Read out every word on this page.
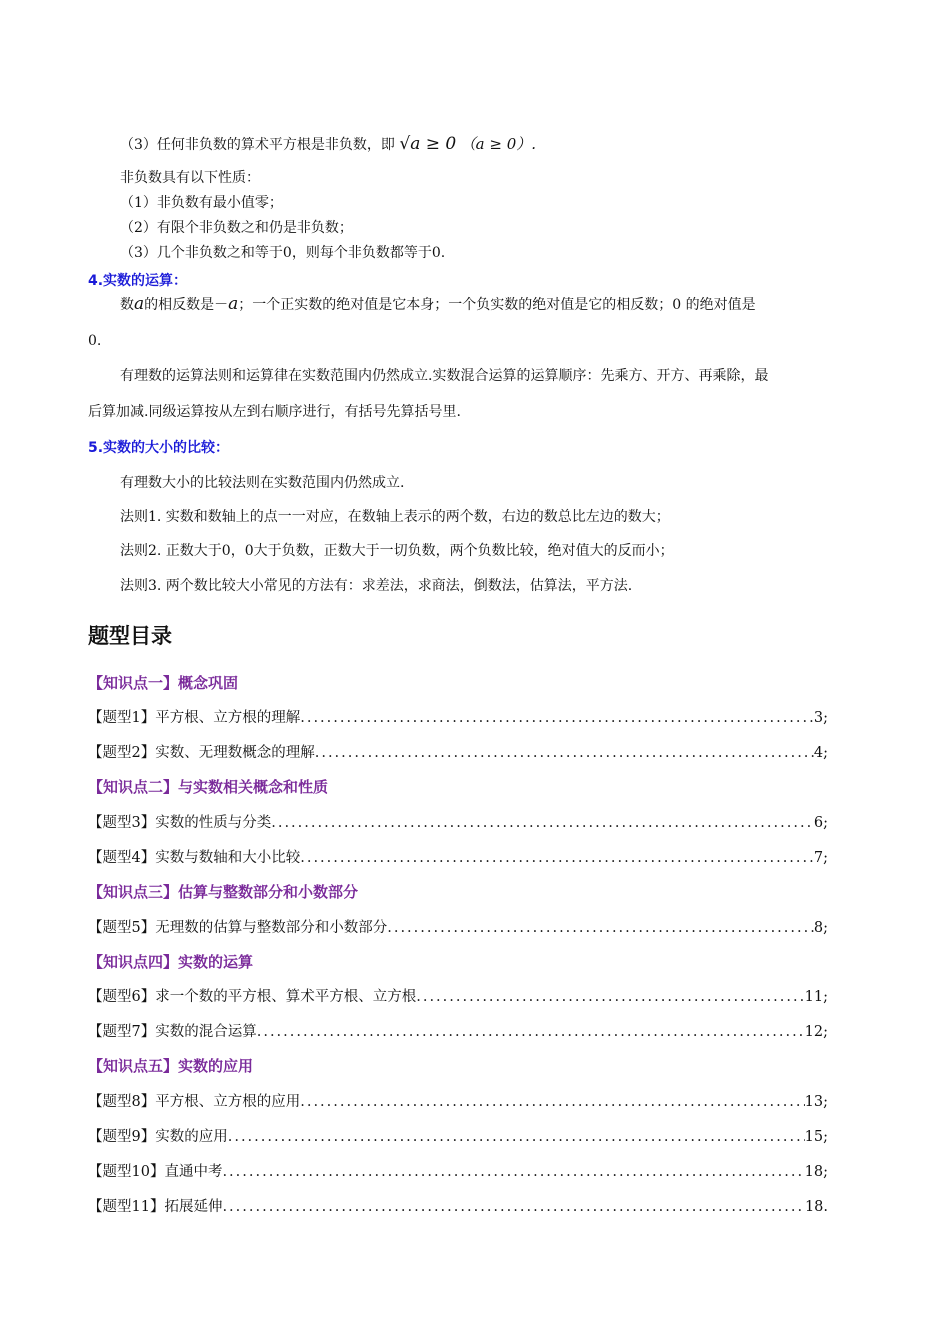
（3）任何非负数的算术平方根是非负数，即 √a ≥ 0 （a ≥ 0）.
非负数具有以下性质：
（1）非负数有最小值零；
（2）有限个非负数之和仍是非负数；
（3）几个非负数之和等于0，则每个非负数都等于0.
4.实数的运算：
数a的相反数是－a；一个正实数的绝对值是它本身；一个负实数的绝对值是它的相反数；0 的绝对值是
0.
有理数的运算法则和运算律在实数范围内仍然成立.实数混合运算的运算顺序：先乘方、开方、再乘除，最
后算加减.同级运算按从左到右顺序进行，有括号先算括号里.
5.实数的大小的比较：
有理数大小的比较法则在实数范围内仍然成立.
法则1. 实数和数轴上的点一一对应，在数轴上表示的两个数，右边的数总比左边的数大；
法则2. 正数大于0，0大于负数，正数大于一切负数，两个负数比较，绝对值大的反而小；
法则3. 两个数比较大小常见的方法有：求差法，求商法，倒数法，估算法，平方法.
题型目录
【知识点一】概念巩固
【题型1】平方根、立方根的理解 .....	3;
【题型2】实数、无理数概念的理解 .....	4;
【知识点二】与实数相关概念和性质
【题型3】实数的性质与分类 .....	6;
【题型4】实数与数轴和大小比较 .....	7;
【知识点三】估算与整数部分和小数部分
【题型5】无理数的估算与整数部分和小数部分 .....	8;
【知识点四】实数的运算
【题型6】求一个数的平方根、算术平方根、立方根 .....	11;
【题型7】实数的混合运算 .....	12;
【知识点五】实数的应用
【题型8】平方根、立方根的应用 .....	13;
【题型9】实数的应用 .....	15;
【题型10】直通中考 .....	18;
【题型11】拓展延伸 .....	18.
